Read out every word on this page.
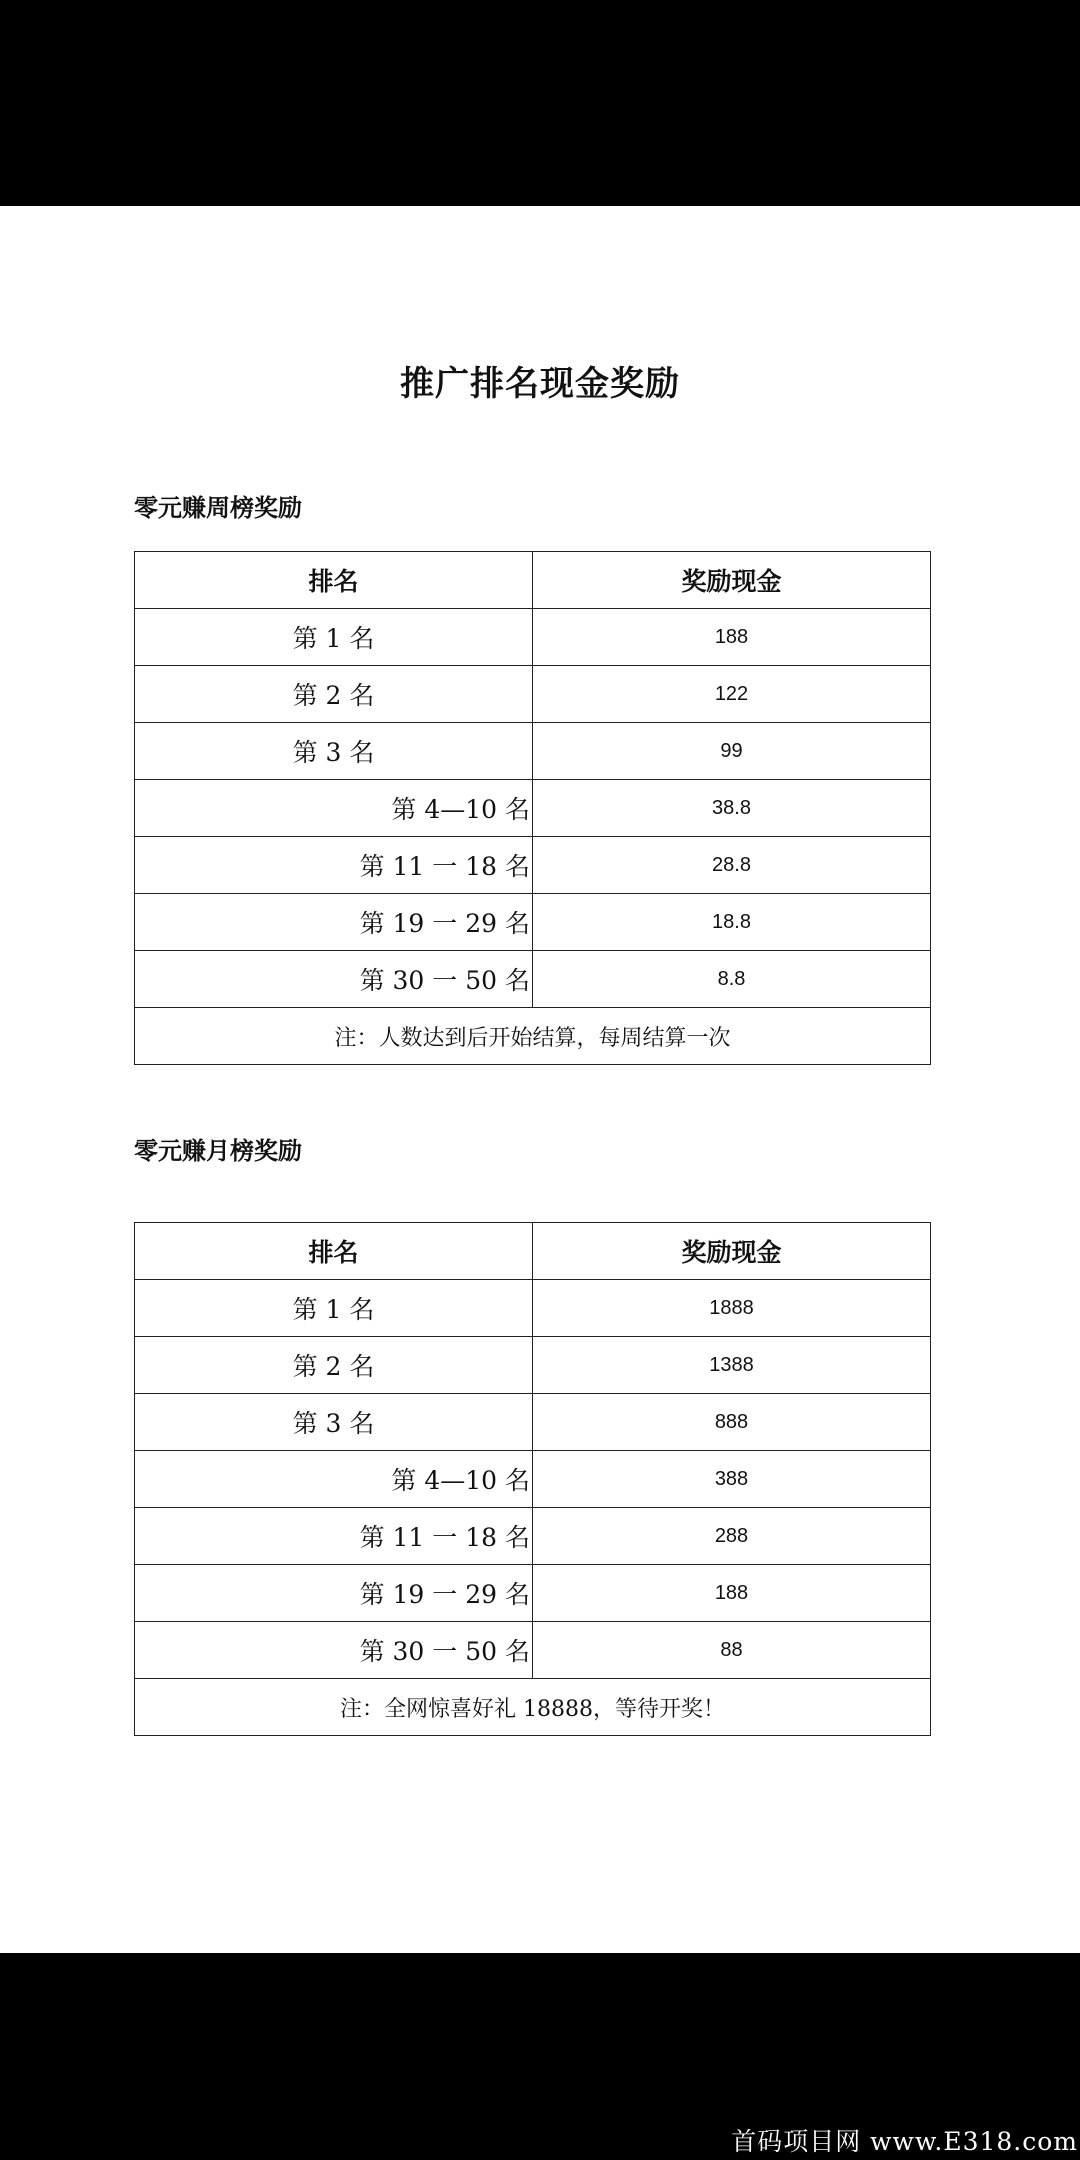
推广排名现金奖励
零元赚周榜奖励
排名	奖励现金
第 1 名	188
第 2 名	122
第 3 名	99
第 4—10 名	38.8
第 11 一 18 名	28.8
第 19 一 29 名	18.8
第 30 一 50 名	8.8
注：人数达到后开始结算，每周结算一次	
零元赚月榜奖励
排名	奖励现金
第 1 名	1888
第 2 名	1388
第 3 名	888
第 4—10 名	388
第 11 一 18 名	288
第 19 一 29 名	188
第 30 一 50 名	88
注：全网惊喜好礼 18888，等待开奖！	
首码项目网 www.E318.com
